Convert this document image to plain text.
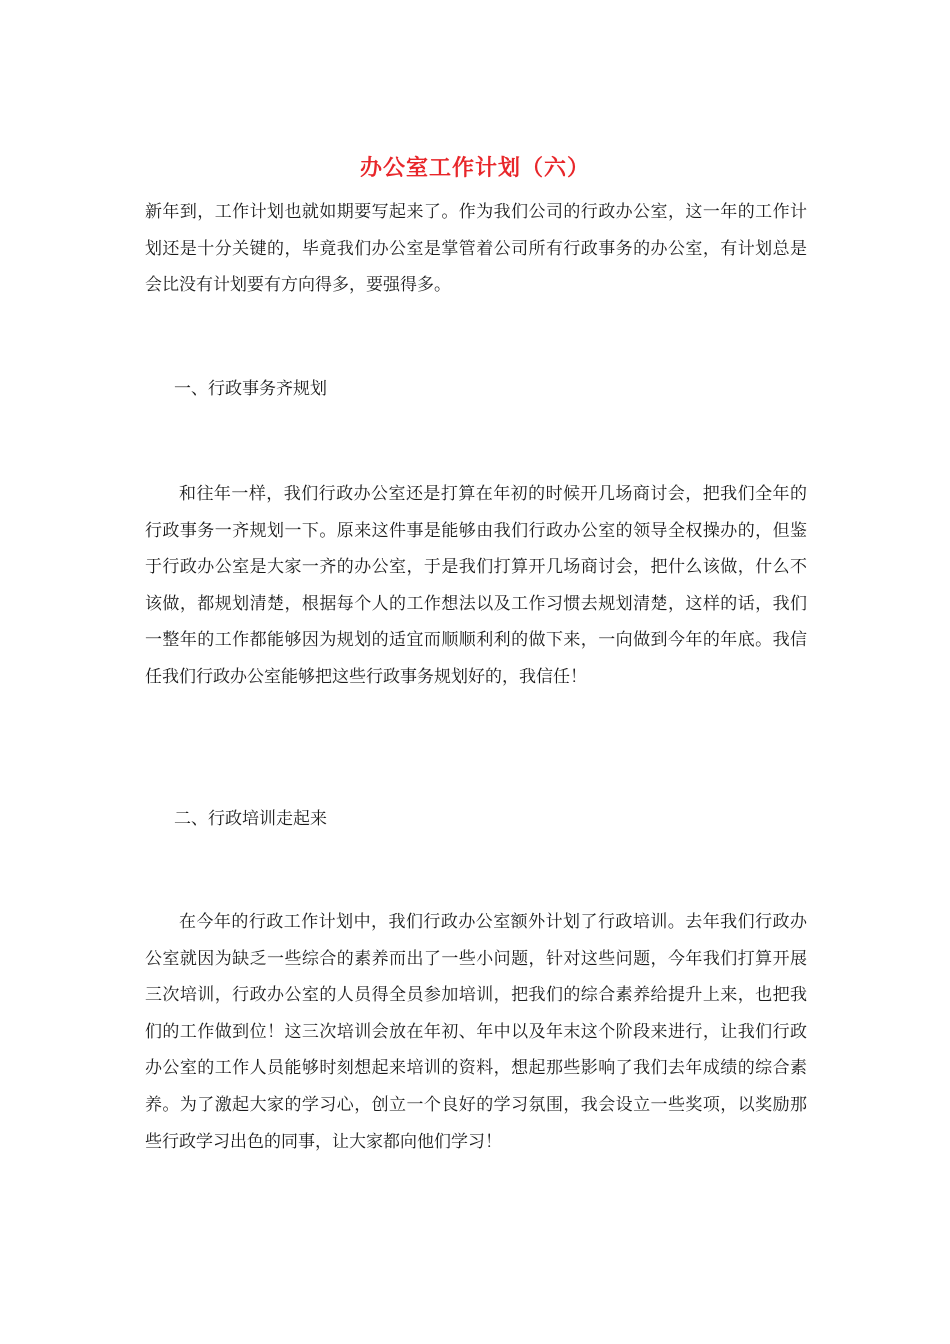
办公室工作计划（六）

新年到，工作计划也就如期要写起来了。作为我们公司的行政办公室，这一年的工作计划还是十分关键的，毕竟我们办公室是掌管着公司所有行政事务的办公室，有计划总是会比没有计划要有方向得多，要强得多。

一、行政事务齐规划

和往年一样，我们行政办公室还是打算在年初的时候开几场商讨会，把我们全年的行政事务一齐规划一下。原来这件事是能够由我们行政办公室的领导全权操办的，但鉴于行政办公室是大家一齐的办公室，于是我们打算开几场商讨会，把什么该做，什么不该做，都规划清楚，根据每个人的工作想法以及工作习惯去规划清楚，这样的话，我们一整年的工作都能够因为规划的适宜而顺顺利利的做下来，一向做到今年的年底。我信任我们行政办公室能够把这些行政事务规划好的，我信任！

二、行政培训走起来

在今年的行政工作计划中，我们行政办公室额外计划了行政培训。去年我们行政办公室就因为缺乏一些综合的素养而出了一些小问题，针对这些问题，今年我们打算开展三次培训，行政办公室的人员得全员参加培训，把我们的综合素养给提升上来，也把我们的工作做到位！这三次培训会放在年初、年中以及年末这个阶段来进行，让我们行政办公室的工作人员能够时刻想起来培训的资料，想起那些影响了我们去年成绩的综合素养。为了激起大家的学习心，创立一个良好的学习氛围，我会设立一些奖项，以奖励那些行政学习出色的同事，让大家都向他们学习！
